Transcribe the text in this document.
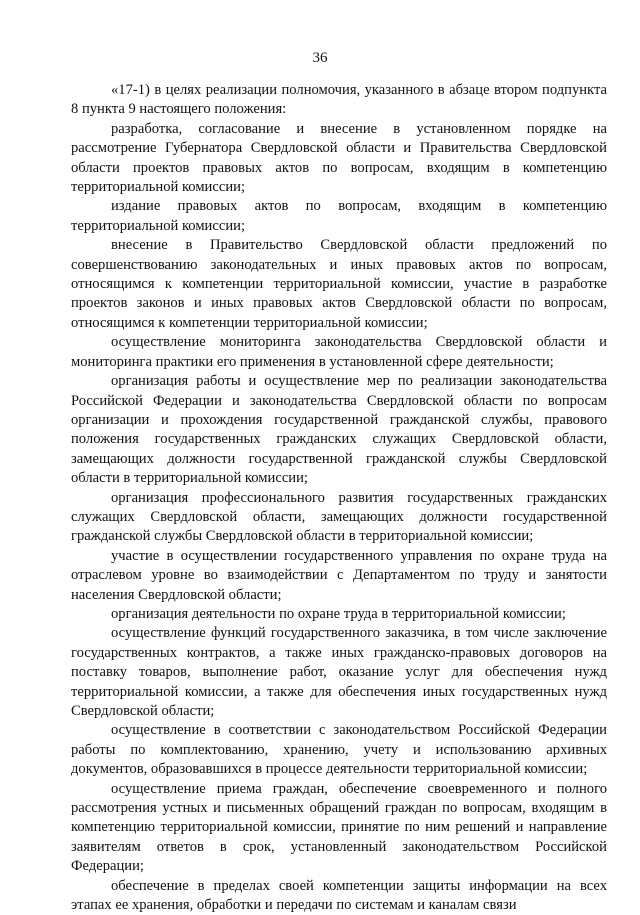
36

«17-1) в целях реализации полномочия, указанного в абзаце втором подпункта 8 пункта 9 настоящего положения:

разработка, согласование и внесение в установленном порядке на рассмотрение Губернатора Свердловской области и Правительства Свердловской области проектов правовых актов по вопросам, входящим в компетенцию территориальной комиссии;

издание правовых актов по вопросам, входящим в компетенцию территориальной комиссии;

внесение в Правительство Свердловской области предложений по совершенствованию законодательных и иных правовых актов по вопросам, относящимся к компетенции территориальной комиссии, участие в разработке проектов законов и иных правовых актов Свердловской области по вопросам, относящимся к компетенции территориальной комиссии;

осуществление мониторинга законодательства Свердловской области и мониторинга практики его применения в установленной сфере деятельности;

организация работы и осуществление мер по реализации законодательства Российской Федерации и законодательства Свердловской области по вопросам организации и прохождения государственной гражданской службы, правового положения государственных гражданских служащих Свердловской области, замещающих должности государственной гражданской службы Свердловской области в территориальной комиссии;

организация профессионального развития государственных гражданских служащих Свердловской области, замещающих должности государственной гражданской службы Свердловской области в территориальной комиссии;

участие в осуществлении государственного управления по охране труда на отраслевом уровне во взаимодействии с Департаментом по труду и занятости населения Свердловской области;

организация деятельности по охране труда в территориальной комиссии;

осуществление функций государственного заказчика, в том числе заключение государственных контрактов, а также иных гражданско-правовых договоров на поставку товаров, выполнение работ, оказание услуг для обеспечения нужд территориальной комиссии, а также для обеспечения иных государственных нужд Свердловской области;

осуществление в соответствии с законодательством Российской Федерации работы по комплектованию, хранению, учету и использованию архивных документов, образовавшихся в процессе деятельности территориальной комиссии;

осуществление приема граждан, обеспечение своевременного и полного рассмотрения устных и письменных обращений граждан по вопросам, входящим в компетенцию территориальной комиссии, принятие по ним решений и направление заявителям ответов в срок, установленный законодательством Российской Федерации;

обеспечение в пределах своей компетенции защиты информации на всех этапах ее хранения, обработки и передачи по системам и каналам связи
